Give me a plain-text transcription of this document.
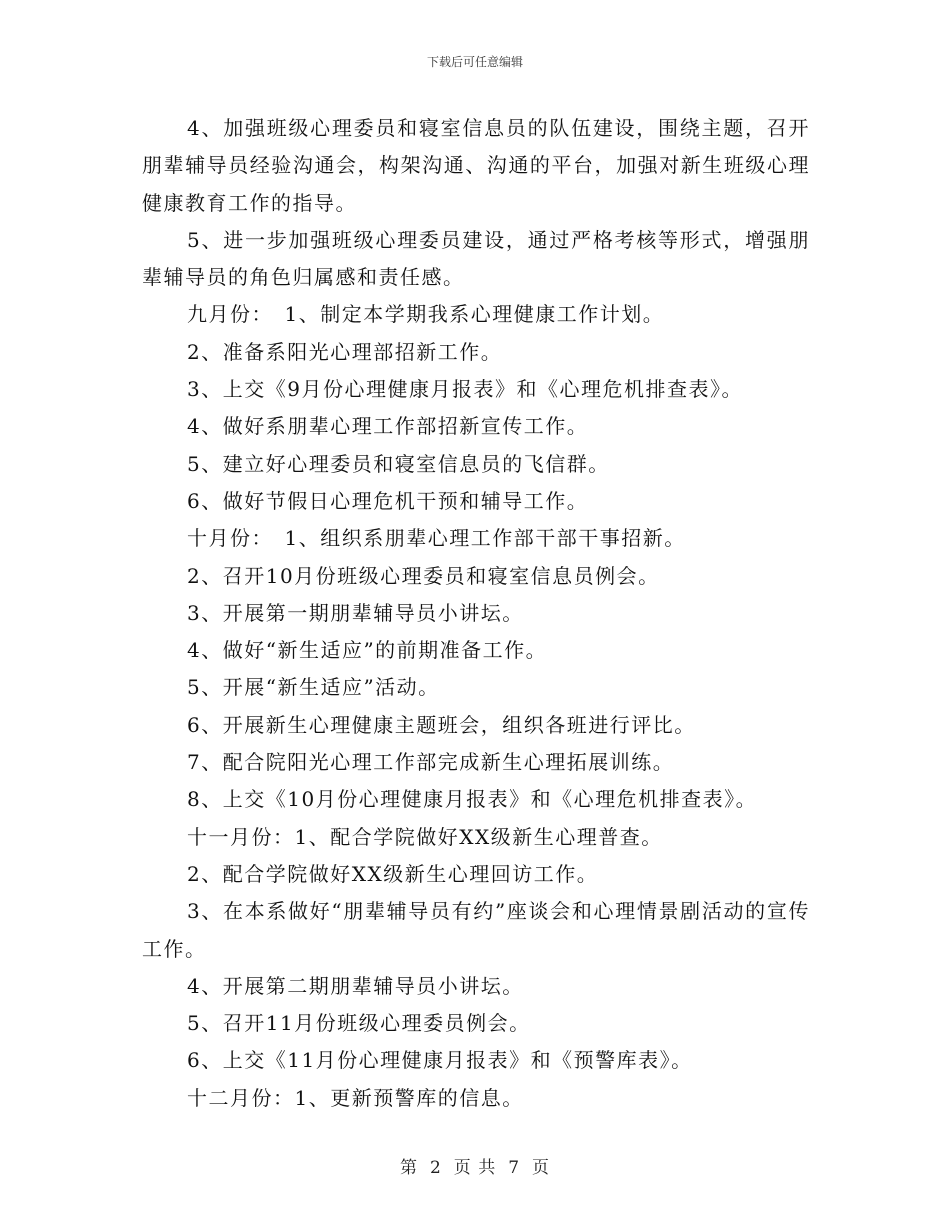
下载后可任意编辑

4、加强班级心理委员和寝室信息员的队伍建设，围绕主题，召开朋辈辅导员经验沟通会，构架沟通、沟通的平台，加强对新生班级心理健康教育工作的指导。

5、进一步加强班级心理委员建设，通过严格考核等形式，增强朋辈辅导员的角色归属感和责任感。

九月份：　1、制定本学期我系心理健康工作计划。

2、准备系阳光心理部招新工作。

3、上交《9月份心理健康月报表》和《心理危机排查表》。

4、做好系朋辈心理工作部招新宣传工作。

5、建立好心理委员和寝室信息员的飞信群。

6、做好节假日心理危机干预和辅导工作。

十月份：　1、组织系朋辈心理工作部干部干事招新。

2、召开10月份班级心理委员和寝室信息员例会。

3、开展第一期朋辈辅导员小讲坛。

4、做好“新生适应”的前期准备工作。

5、开展“新生适应”活动。

6、开展新生心理健康主题班会，组织各班进行评比。

7、配合院阳光心理工作部完成新生心理拓展训练。

8、上交《10月份心理健康月报表》和《心理危机排查表》。

十一月份：1、配合学院做好XX级新生心理普查。

2、配合学院做好XX级新生心理回访工作。

3、在本系做好“朋辈辅导员有约”座谈会和心理情景剧活动的宣传工作。

4、开展第二期朋辈辅导员小讲坛。

5、召开11月份班级心理委员例会。

6、上交《11月份心理健康月报表》和《预警库表》。

十二月份：1、更新预警库的信息。

第 2 页 共 7 页
